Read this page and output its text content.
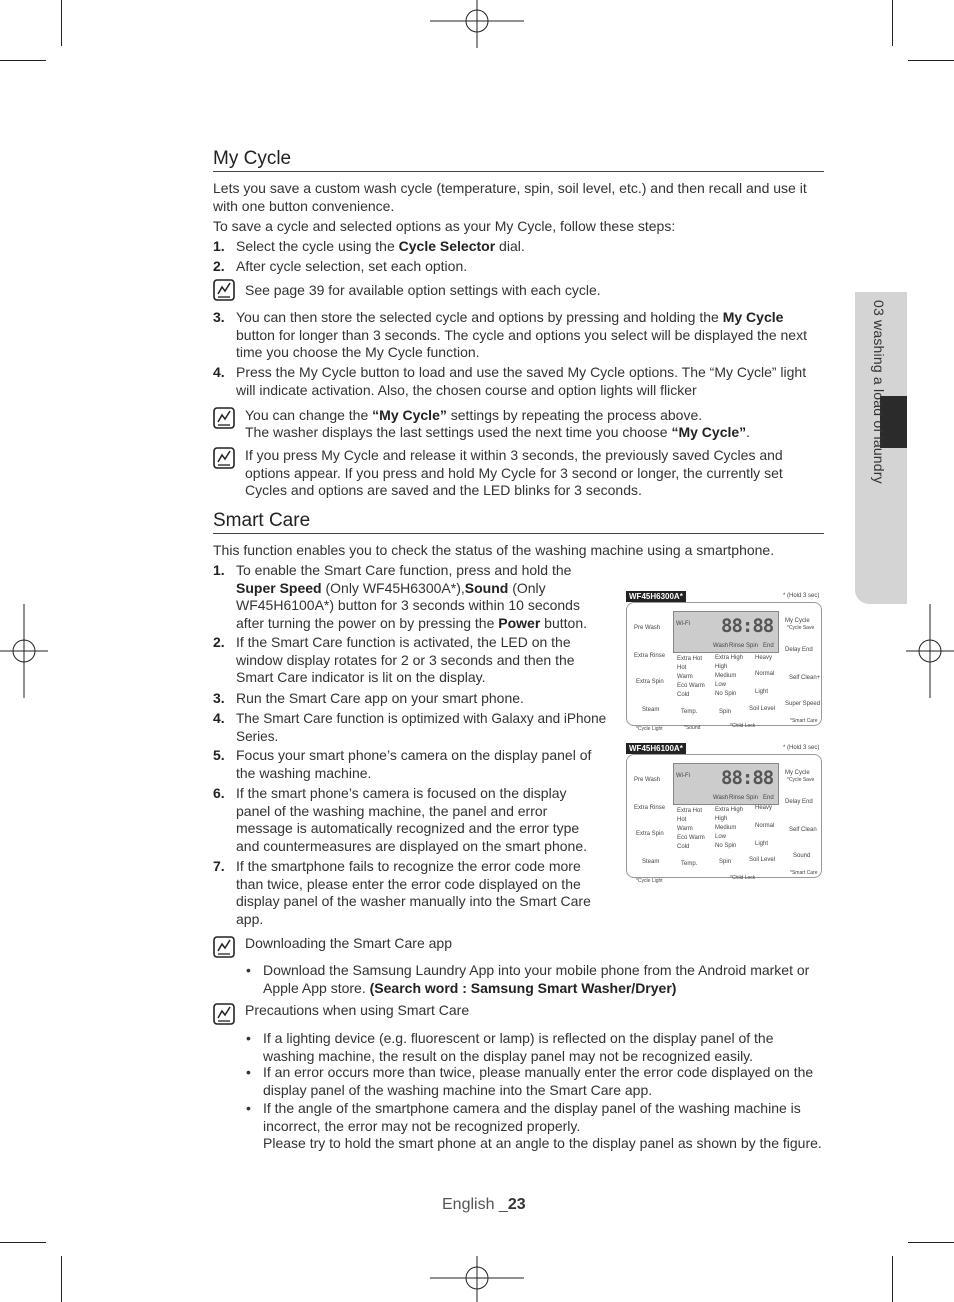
03 washing a load of laundry
My Cycle
Lets you save a custom wash cycle (temperature, spin, soil level, etc.) and then recall and use it with one button convenience.
To save a cycle and selected options as your My Cycle, follow these steps:
1. Select the cycle using the Cycle Selector dial.
2. After cycle selection, set each option.
See page 39 for available option settings with each cycle.
3. You can then store the selected cycle and options by pressing and holding the My Cycle button for longer than 3 seconds. The cycle and options you select will be displayed the next time you choose the My Cycle function.
4. Press the My Cycle button to load and use the saved My Cycle options. The “My Cycle” light will indicate activation. Also, the chosen course and option lights will flicker
You can change the “My Cycle” settings by repeating the process above.
The washer displays the last settings used the next time you choose “My Cycle”.
If you press My Cycle and release it within 3 seconds, the previously saved Cycles and options appear. If you press and hold My Cycle for 3 second or longer, the currently set Cycles and options are saved and the LED blinks for 3 seconds.
Smart Care
This function enables you to check the status of the washing machine using a smartphone.
1. To enable the Smart Care function, press and hold the Super Speed (Only WF45H6300A*),Sound (Only WF45H6100A*) button for 3 seconds within 10 seconds after turning the power on by pressing the Power button.
2. If the Smart Care function is activated, the LED on the window display rotates for 2 or 3 seconds and then the Smart Care indicator is lit on the display.
3. Run the Smart Care app on your smart phone.
4. The Smart Care function is optimized with Galaxy and iPhone Series.
5. Focus your smart phone’s camera on the display panel of the washing machine.
6. If the smart phone’s camera is focused on the display panel of the washing machine, the panel and error message is automatically recognized and the error type and countermeasures are displayed on the smart phone.
7. If the smartphone fails to recognize the error code more than twice, please enter the error code displayed on the display panel of the washer manually into the Smart Care app.
WF45H6300A*	* (Hold 3 sec)
Pre Wash
Extra Rinse
Extra Spin
Steam
88:88
Wash Rinse Spin End
Wi-Fi
Extra Hot
Hot
Warm
Eco Warm
Cold
Extra High
High
Medium
Low
No Spin
Heavy
Normal
Light
Temp.	Spin	Soil Level
My Cycle
*Cycle Save
Delay End
Self Clean+
Super Speed
*Cycle Light	*Sound	*Child Lock
*Smart Care
WF45H6100A*	* (Hold 3 sec)
Pre Wash
Extra Rinse
Extra Spin
Steam
88:88
Wash Rinse Spin End
Wi-Fi
Extra Hot
Hot
Warm
Eco Warm
Cold
Extra High
High
Medium
Low
No Spin
Heavy
Normal
Light
Temp.	Spin	Soil Level
My Cycle
*Cycle Save
Delay End
Self Clean
Sound
*Cycle Light	*Child Lock
*Smart Care
Downloading the Smart Care app
• Download the Samsung Laundry App into your mobile phone from the Android market or Apple App store. (Search word : Samsung Smart Washer/Dryer)
Precautions when using Smart Care
• If a lighting device (e.g. fluorescent or lamp) is reflected on the display panel of the washing machine, the result on the display panel may not be recognized easily.
• If an error occurs more than twice, please manually enter the error code displayed on the display panel of the washing machine into the Smart Care app.
• If the angle of the smartphone camera and the display panel of the washing machine is incorrect, the error may not be recognized properly.
Please try to hold the smart phone at an angle to the display panel as shown by the figure.
English _23
